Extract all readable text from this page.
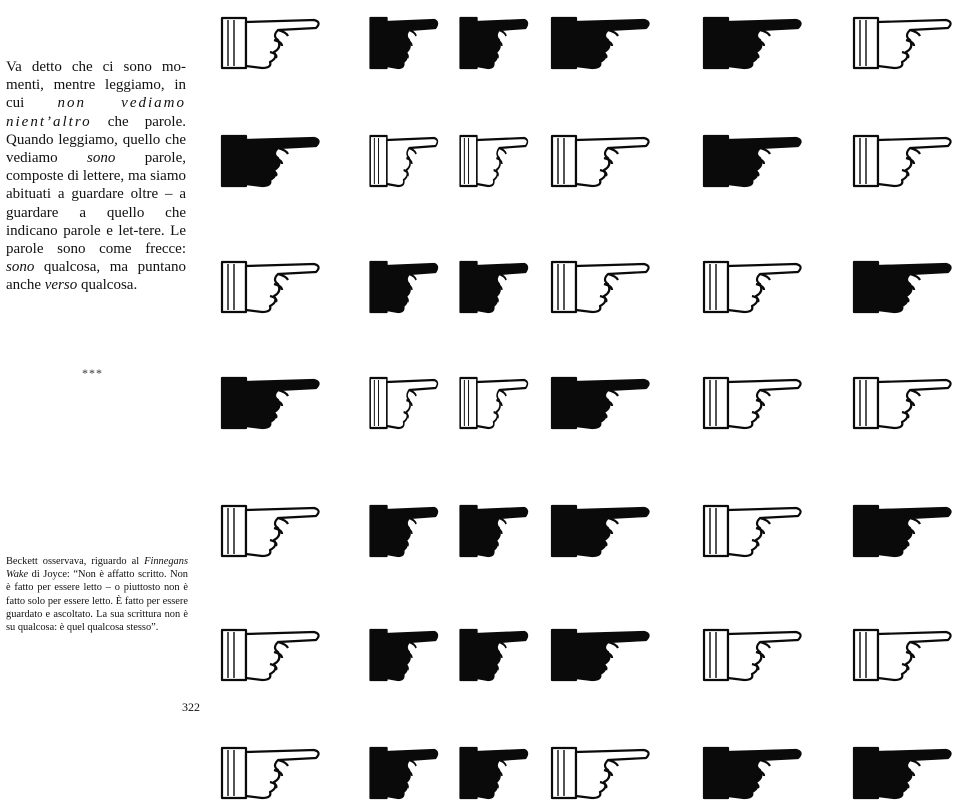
Va detto che ci sono mo-menti, mentre leggiamo, in cui non vediamo nient’altro che parole. Quando leggiamo, quello che vediamo sono parole, composte di lettere, ma siamo abituati a guardare oltre – a guardare a quello che indicano parole e let-tere. Le parole sono come frecce: sono qualcosa, ma puntano anche verso qualcosa.

***

Beckett osservava, riguardo al Finnegans Wake di Joyce: “Non è affatto scritto. Non è fatto per essere letto – o piuttosto non è fatto solo per essere letto. È fatto per essere guardato e ascoltato. La sua scrittura non è su qualcosa: è quel qualcosa stesso”.

322
